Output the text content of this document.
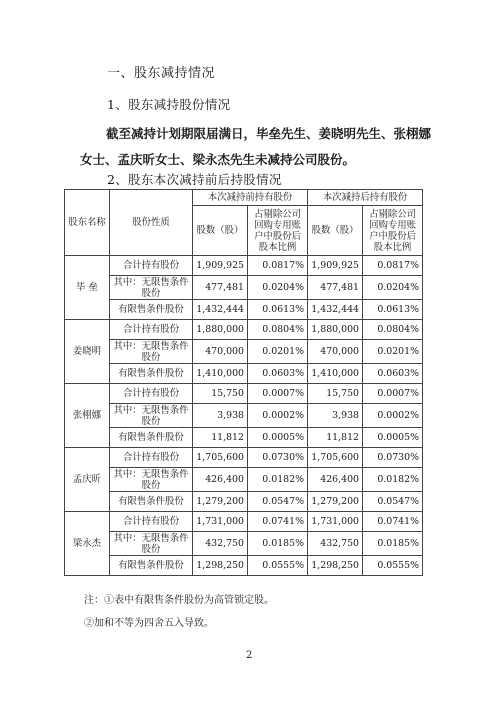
一、股东减持情况
1、股东减持股份情况
截至减持计划期限届满日，毕垒先生、姜晓明先生、张栩娜女士、孟庆昕女士、梁永杰先生未减持公司股份。
2、股东本次减持前后持股情况
股东名称	股份性质	本次减持前持有股份		本次减持后持有股份	
		股数（股）	占剔除公司回购专用账户中股份后股本比例	股数（股）	占剔除公司回购专用账户中股份后股本比例
毕 垒	合计持有股份	1,909,925	0.0817%	1,909,925	0.0817%
	其中：无限售条件股份	477,481	0.0204%	477,481	0.0204%
	有限售条件股份	1,432,444	0.0613%	1,432,444	0.0613%
姜晓明	合计持有股份	1,880,000	0.0804%	1,880,000	0.0804%
	其中：无限售条件股份	470,000	0.0201%	470,000	0.0201%
	有限售条件股份	1,410,000	0.0603%	1,410,000	0.0603%
张栩娜	合计持有股份	15,750	0.0007%	15,750	0.0007%
	其中：无限售条件股份	3,938	0.0002%	3,938	0.0002%
	有限售条件股份	11,812	0.0005%	11,812	0.0005%
孟庆昕	合计持有股份	1,705,600	0.0730%	1,705,600	0.0730%
	其中：无限售条件股份	426,400	0.0182%	426,400	0.0182%
	有限售条件股份	1,279,200	0.0547%	1,279,200	0.0547%
梁永杰	合计持有股份	1,731,000	0.0741%	1,731,000	0.0741%
	其中：无限售条件股份	432,750	0.0185%	432,750	0.0185%
	有限售条件股份	1,298,250	0.0555%	1,298,250	0.0555%
注：①表中有限售条件股份为高管锁定股。
②加和不等为四舍五入导致。
2
